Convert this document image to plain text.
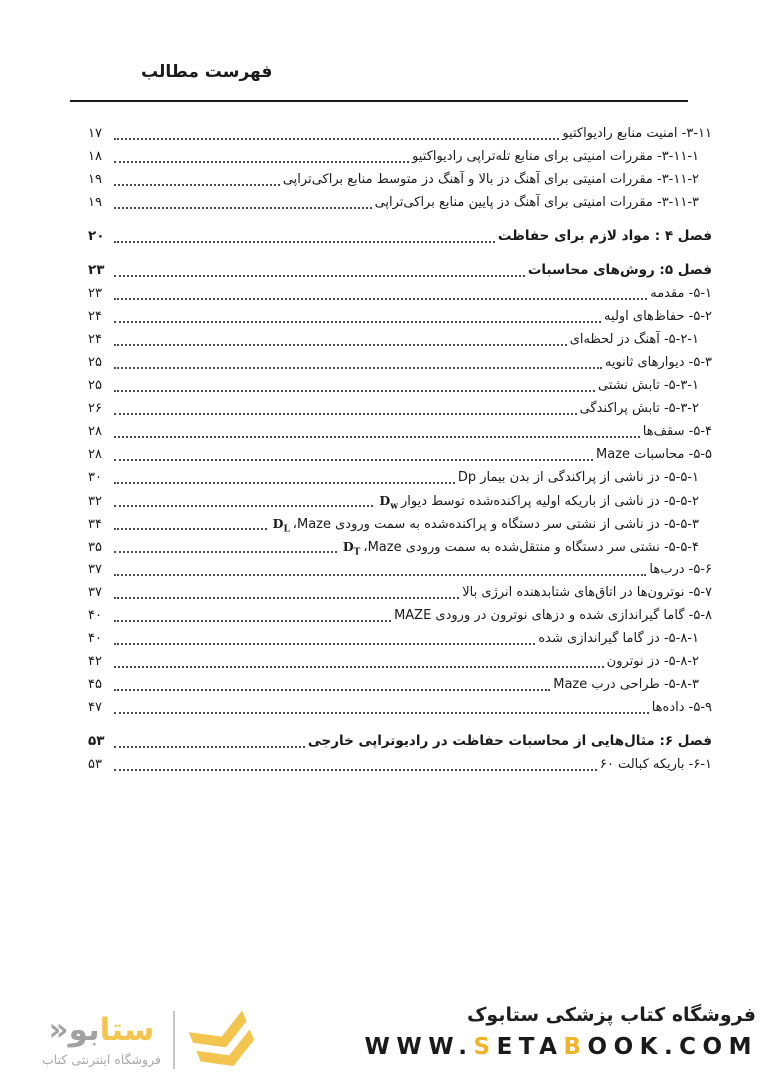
فهرست مطالب
۳-۱۱- امنیت منابع رادیواکتیو
۱۷
۳-۱۱-۱- مقررات امنیتی برای منابع تله‌تراپی رادیواکتیو
۱۸
۳-۱۱-۲- مقررات امنیتی برای آهنگ دز بالا و آهنگ دز متوسط منابع براکی‌تراپی
۱۹
۳-۱۱-۳- مقررات امنیتی برای آهنگ دز پایین منابع براکی‌تراپی
۱۹
فصل ۴ : مواد لازم برای حفاظت
۲۰
فصل ۵: روش‌های محاسبات
۲۳
۵-۱- مقدمه
۲۳
۵-۲- حفاظ‌های اولیه
۲۴
۵-۲-۱- آهنگ دز لحظه‌ای
۲۴
۵-۳- دیوارهای ثانویه
۲۵
۵-۳-۱- تابش نشتی
۲۵
۵-۳-۲- تابش پراکندگی
۲۶
۵-۴- سقف‌ها
۲۸
۵-۵- محاسبات Maze
۲۸
۵-۵-۱- دز ناشی از پراکندگی از بدن بیمار Dp
۳۰
۵-۵-۲- دز ناشی از باریکه اولیه پراکنده‌شده توسط دیوار
$D_w$
۳۲
۵-۵-۳- دز ناشی از نشتی سر دستگاه و پراکنده‌شده به سمت ورودی Maze،
$D_L$
۳۴
۵-۵-۴- نشتی سر دستگاه و منتقل‌شده به سمت ورودی Maze،
$D_T$
۳۵
۵-۶- درب‌ها
۳۷
۵-۷- نوترون‌ها در اتاق‌های شتابدهنده انرژی بالا
۳۷
۵-۸- گاما گیراندازی شده و دزهای نوترون در ورودی MAZE
۴۰
۵-۸-۱- دز گاما گیراندازی شده
۴۰
۵-۸-۲- دز نوترون
۴۲
۵-۸-۳- طراحی درب Maze
۴۵
۵-۹- داده‌ها
۴۷
فصل ۶: مثال‌هایی از محاسبات حفاظت در رادیوتراپی خارجی
۵۳
۶-۱- باریکه کبالت ۶۰
۵۳
فروشگاه کتاب پزشکی ستابوک
WWW.SETABOOK.COM
ستابو«
فروشگاه اینترنتی کتاب
